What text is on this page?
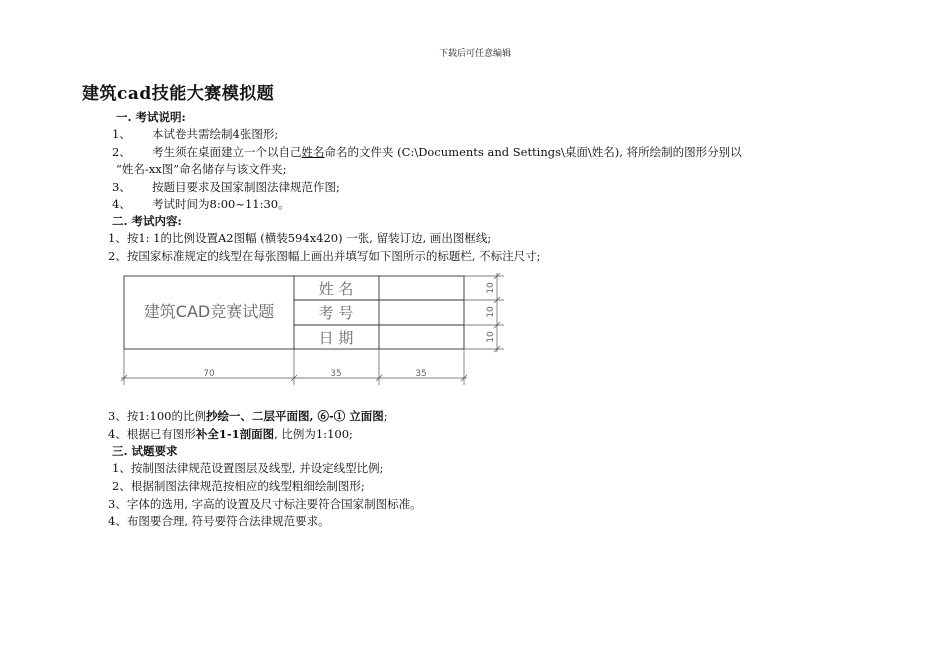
下载后可任意编辑
建筑cad技能大赛模拟题
一. 考试说明:
1、 本试卷共需绘制4张图形;
2、 考生须在桌面建立一个以自己姓名命名的文件夹 (C:\Documents and Settings\桌面\姓名), 将所绘制的图形分别以
“姓名-xx图”命名储存与该文件夹;
3、 按题目要求及国家制图法律规范作图;
4、 考试时间为8:00~11:30。
二. 考试内容:
1、按1: 1的比例设置A2图幅 (横装594x420) 一张, 留装订边, 画出图框线;
2、按国家标准规定的线型在每张图幅上画出并填写如下图所示的标题栏, 不标注尺寸;
建筑CAD竞赛试题
姓 名
考 号
日 期
10
10
10
70	35	35
3、按1:100的比例抄绘一、二层平面图, ⑥-① 立面图;
4、根据已有图形补全1-1剖面图, 比例为1:100;
三. 试题要求
1、按制图法律规范设置图层及线型, 并设定线型比例;
2、根据制图法律规范按相应的线型粗细绘制图形;
3、字体的选用, 字高的设置及尺寸标注要符合国家制图标准。
4、布图要合理, 符号要符合法律规范要求。
